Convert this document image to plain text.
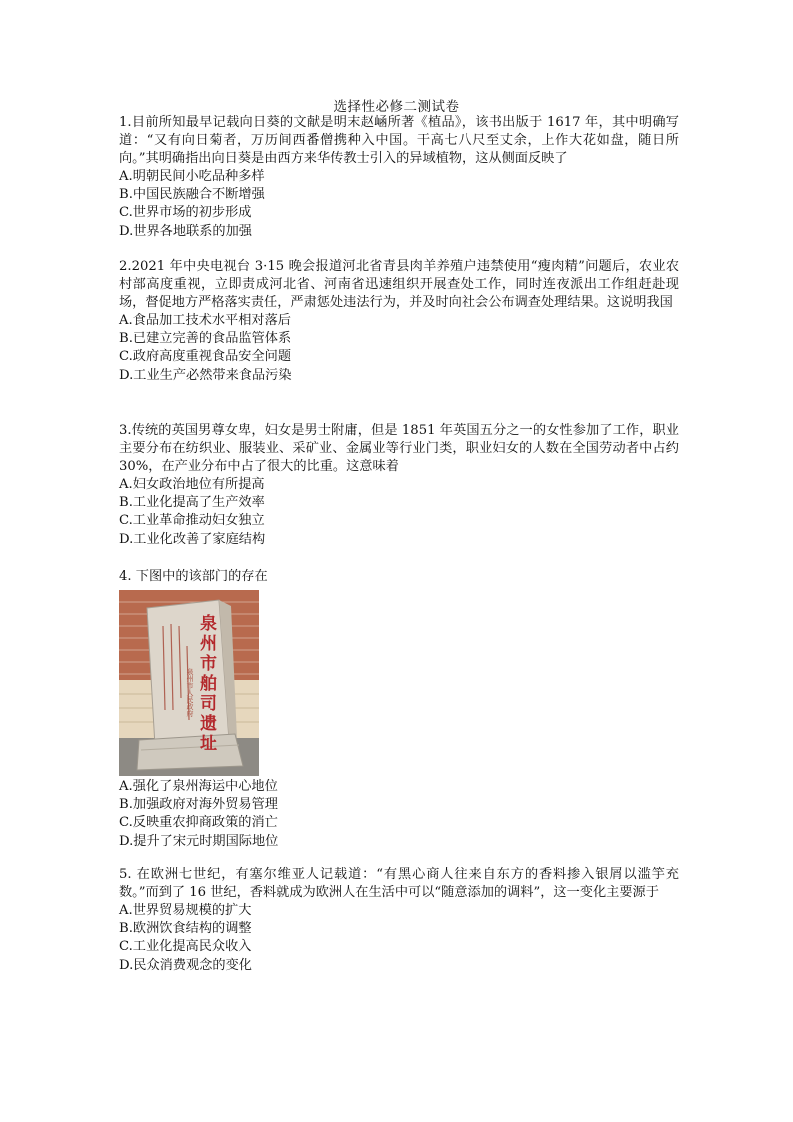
选择性必修二测试卷

1.目前所知最早记载向日葵的文献是明末赵崡所著《植品》，该书出版于 1617 年，其中明确写道：“又有向日菊者，万历间西番僧携种入中国。干高七八尺至丈余，上作大花如盘，随日所向。”其明确指出向日葵是由西方来华传教士引入的异域植物，这从侧面反映了

A.明朝民间小吃品种多样
B.中国民族融合不断增强
C.世界市场的初步形成
D.世界各地联系的加强

2.2021 年中央电视台 3·15 晚会报道河北省青县肉羊养殖户违禁使用“瘦肉精”问题后，农业农村部高度重视，立即责成河北省、河南省迅速组织开展查处工作，同时连夜派出工作组赶赴现场，督促地方严格落实责任，严肃惩处违法行为，并及时向社会公布调查处理结果。这说明我国

A.食品加工技术水平相对落后
B.已建立完善的食品监管体系
C.政府高度重视食品安全问题
D.工业生产必然带来食品污染

3.传统的英国男尊女卑，妇女是男士附庸，但是 1851 年英国五分之一的女性参加了工作，职业主要分布在纺织业、服装业、采矿业、金属业等行业门类，职业妇女的人数在全国劳动者中占约 30%，在产业分布中占了很大的比重。这意味着

A.妇女政治地位有所提高
B.工业化提高了生产效率
C.工业革命推动妇女独立
D.工业化改善了家庭结构

4. 下图中的该部门的存在

泉州市舶司遗址
泉州市人民政府
A.强化了泉州海运中心地位
B.加强政府对海外贸易管理
C.反映重农抑商政策的消亡
D.提升了宋元时期国际地位

5. 在欧洲七世纪，有塞尔维亚人记载道：“有黑心商人往来自东方的香料掺入银屑以滥竽充数。”而到了 16 世纪，香料就成为欧洲人在生活中可以“随意添加的调料”，这一变化主要源于

A.世界贸易规模的扩大
B.欧洲饮食结构的调整
C.工业化提高民众收入
D.民众消费观念的变化
